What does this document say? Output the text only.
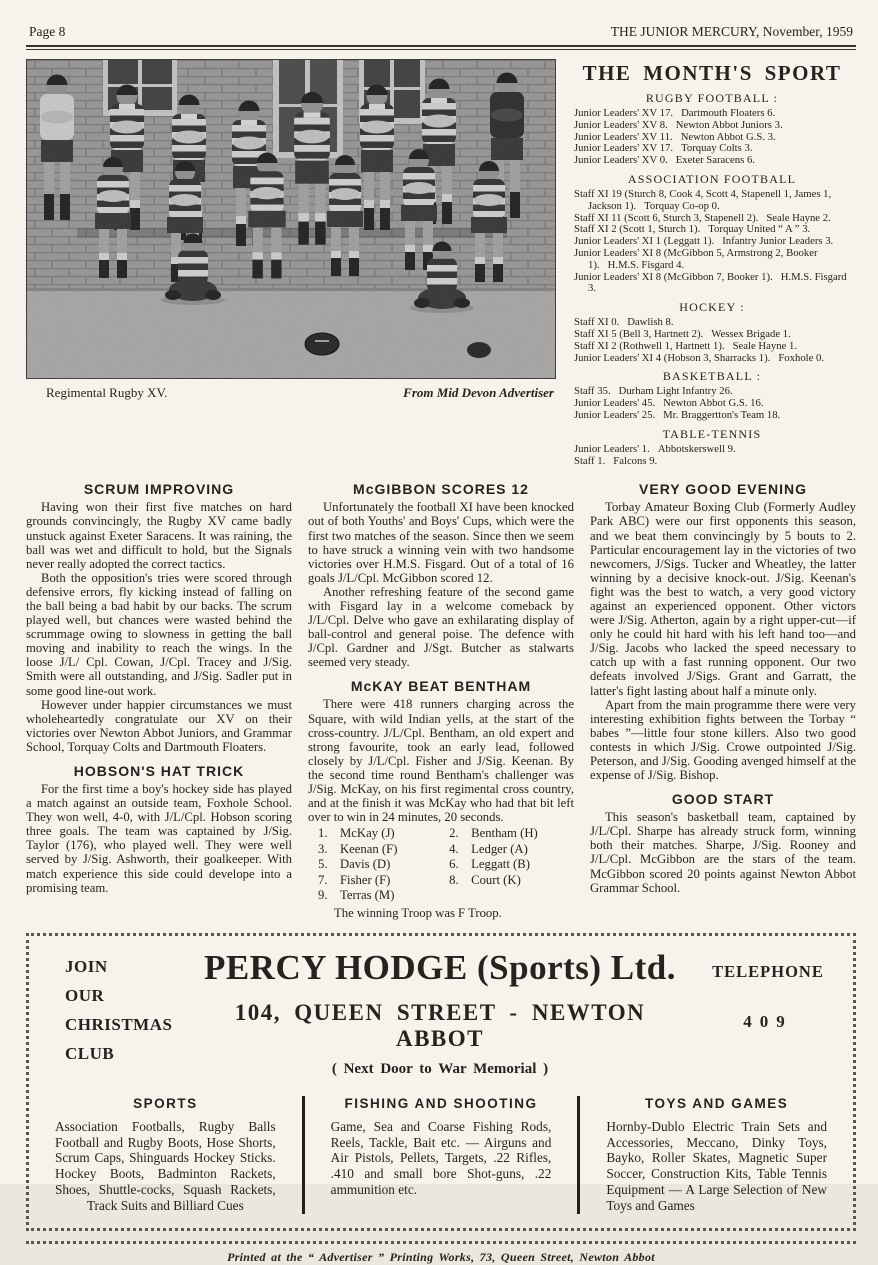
Page 8	THE JUNIOR MERCURY, November, 1959
Regimental Rugby XV.	From Mid Devon Advertiser
THE MONTH'S SPORT
RUGBY FOOTBALL :

Junior Leaders' XV 17. Dartmouth Floaters 6.

Junior Leaders' XV 8. Newton Abbot Juniors 3.

Junior Leaders' XV 11. Newton Abbot G.S. 3.

Junior Leaders' XV 17. Torquay Colts 3.

Junior Leaders' XV 0. Exeter Saracens 6.

ASSOCIATION FOOTBALL

Staff XI 19 (Sturch 8, Cook 4, Scott 4, Stapenell 1, James 1, Jackson 1). Torquay Co-op 0.

Staff XI 11 (Scott 6, Sturch 3, Stapenell 2). Seale Hayne 2.

Staff XI 2 (Scott 1, Sturch 1). Torquay United “ A ” 3.

Junior Leaders' XI 1 (Leggatt 1). Infantry Junior Leaders 3.

Junior Leaders' XI 8 (McGibbon 5, Armstrong 2, Booker 1). H.M.S. Fisgard 4.

Junior Leaders' XI 8 (McGibbon 7, Booker 1). H.M.S. Fisgard 3.

HOCKEY :

Staff XI 0. Dawlish 8.

Staff XI 5 (Bell 3, Hartnett 2). Wessex Brigade 1.

Staff XI 2 (Rothwell 1, Hartnett 1). Seale Hayne 1.

Junior Leaders' XI 4 (Hobson 3, Sharracks 1). Foxhole 0.

BASKETBALL :

Staff 35. Durham Light Infantry 26.

Junior Leaders' 45. Newton Abbot G.S. 16.

Junior Leaders' 25. Mr. Braggertton's Team 18.

TABLE-TENNIS

Junior Leaders' 1. Abbotskerswell 9.

Staff 1. Falcons 9.

SCRUM IMPROVING

Having won their first five matches on hard grounds convincingly, the Rugby XV came badly unstuck against Exeter Saracens. It was raining, the ball was wet and difficult to hold, but the Signals never really adopted the correct tactics.

Both the opposition's tries were scored through defensive errors, fly kicking instead of falling on the ball being a bad habit by our backs. The scrum played well, but chances were wasted behind the scrummage owing to slowness in getting the ball moving and inability to reach the wings. In the loose J/L/ Cpl. Cowan, J/Cpl. Tracey and J/Sig. Smith were all outstanding, and J/Sig. Sadler put in some good line-out work.

However under happier circumstances we must wholeheartedly congratulate our XV on their victories over Newton Abbot Juniors, and Grammar School, Torquay Colts and Dartmouth Floaters.

HOBSON'S HAT TRICK

For the first time a boy's hockey side has played a match against an outside team, Foxhole School. They won well, 4-0, with J/L/Cpl. Hobson scoring three goals. The team was captained by J/Sig. Taylor (176), who played well. They were well served by J/Sig. Ashworth, their goalkeeper. With match experience this side could develope into a promising team.

McGIBBON SCORES 12

Unfortunately the football XI have been knocked out of both Youths' and Boys' Cups, which were the first two matches of the season. Since then we seem to have struck a winning vein with two handsome victories over H.M.S. Fisgard. Out of a total of 16 goals J/L/Cpl. McGibbon scored 12.

Another refreshing feature of the second game with Fisgard lay in a welcome comeback by J/L/Cpl. Delve who gave an exhilarating display of ball-control and general poise. The defence with J/Cpl. Gardner and J/Sgt. Butcher as stalwarts seemed very steady.

McKAY BEAT BENTHAM

There were 418 runners charging across the Square, with wild Indian yells, at the start of the cross-country. J/L/Cpl. Bentham, an old expert and strong favourite, took an early lead, followed closely by J/L/Cpl. Fisher and J/Sig. Keenan. By the second time round Bentham's challenger was J/Sig. McKay, on his first regimental cross country, and at the finish it was McKay who had that bit left over to win in 24 minutes, 20 seconds.

1. McKay (J)	2. Bentham (H)
3. Keenan (F)	4. Ledger (A)
5. Davis (D)	6. Leggatt (B)
7. Fisher (F)	8. Court (K)
9. Terras (M)

The winning Troop was F Troop.

VERY GOOD EVENING

Torbay Amateur Boxing Club (Formerly Audley Park ABC) were our first opponents this season, and we beat them convincingly by 5 bouts to 2. Particular encouragement lay in the victories of two newcomers, J/Sigs. Tucker and Wheatley, the latter winning by a decisive knock-out. J/Sig. Keenan's fight was the best to watch, a very good victory against an experienced opponent. Other victors were J/Sig. Atherton, again by a right upper-cut—if only he could hit hard with his left hand too—and J/Sig. Jacobs who lacked the speed necessary to catch up with a fast running opponent. Our two defeats involved J/Sigs. Grant and Garratt, the latter's fight lasting about half a minute only.

Apart from the main programme there were very interesting exhibition fights between the Torbay “ babes ”—little four stone killers. Also two good contests in which J/Sig. Crowe outpointed J/Sig. Peterson, and J/Sig. Gooding avenged himself at the expense of J/Sig. Bishop.

GOOD START

This season's basketball team, captained by J/L/Cpl. Sharpe has already struck form, winning both their matches. Sharpe, J/Sig. Rooney and J/L/Cpl. McGibbon are the stars of the team. McGibbon scored 20 points against Newton Abbot Grammar School.

JOIN
OUR
CHRISTMAS
CLUB
PERCY HODGE (Sports) Ltd.
104, QUEEN STREET - NEWTON ABBOT
( Next Door to War Memorial )
TELEPHONE
409
SPORTS

Association Footballs, Rugby Balls Football and Rugby Boots, Hose Shorts, Scrum Caps, Shinguards Hockey Sticks. Hockey Boots, Badminton Rackets, Shoes, Shuttle-cocks, Squash Rackets, Track Suits and Billiard Cues

FISHING AND SHOOTING

Game, Sea and Coarse Fishing Rods, Reels, Tackle, Bait etc. — Airguns and Air Pistols, Pellets, Targets, .22 Rifles, .410 and small bore Shot-guns, .22 ammunition etc.

TOYS AND GAMES

Hornby-Dublo Electric Train Sets and Accessories, Meccano, Dinky Toys, Bayko, Roller Skates, Magnetic Super Soccer, Construction Kits, Table Tennis Equipment — A Large Selection of New Toys and Games

Printed at the “ Advertiser ” Printing Works, 73, Queen Street, Newton Abbot
